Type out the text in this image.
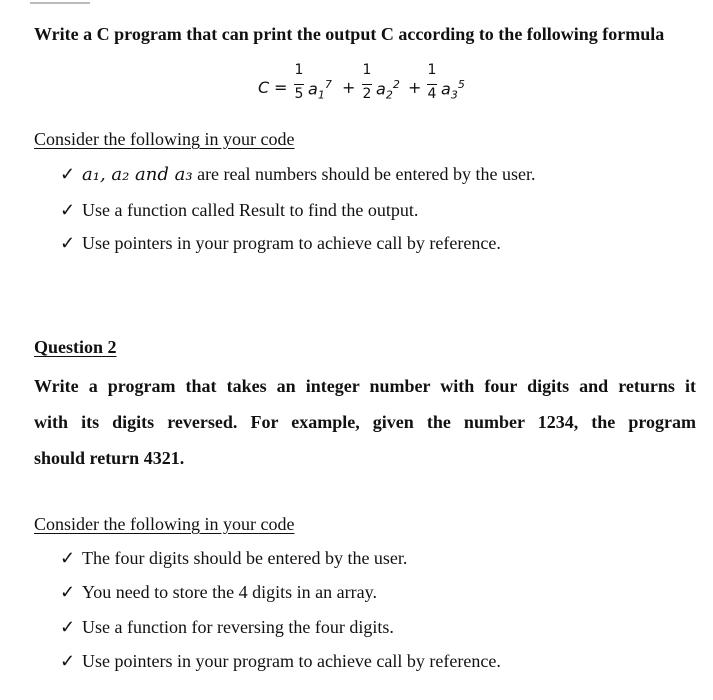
Write a C program that can print the output C according to the following formula
C =
1
5 $a_1^7$ +
1
2 $a_2^2$ +
1
4 $a_3^5$
Consider the following in your code
✓ a₁, a₂ and a₃ are real numbers should be entered by the user.
✓ Use a function called Result to find the output.
✓ Use pointers in your program to achieve call by reference.
Question 2
Write a program that takes an integer number with four digits and returns it
with its digits reversed. For example, given the number 1234, the program
should return 4321.
Consider the following in your code
✓ The four digits should be entered by the user.
✓ You need to store the 4 digits in an array.
✓ Use a function for reversing the four digits.
✓ Use pointers in your program to achieve call by reference.
